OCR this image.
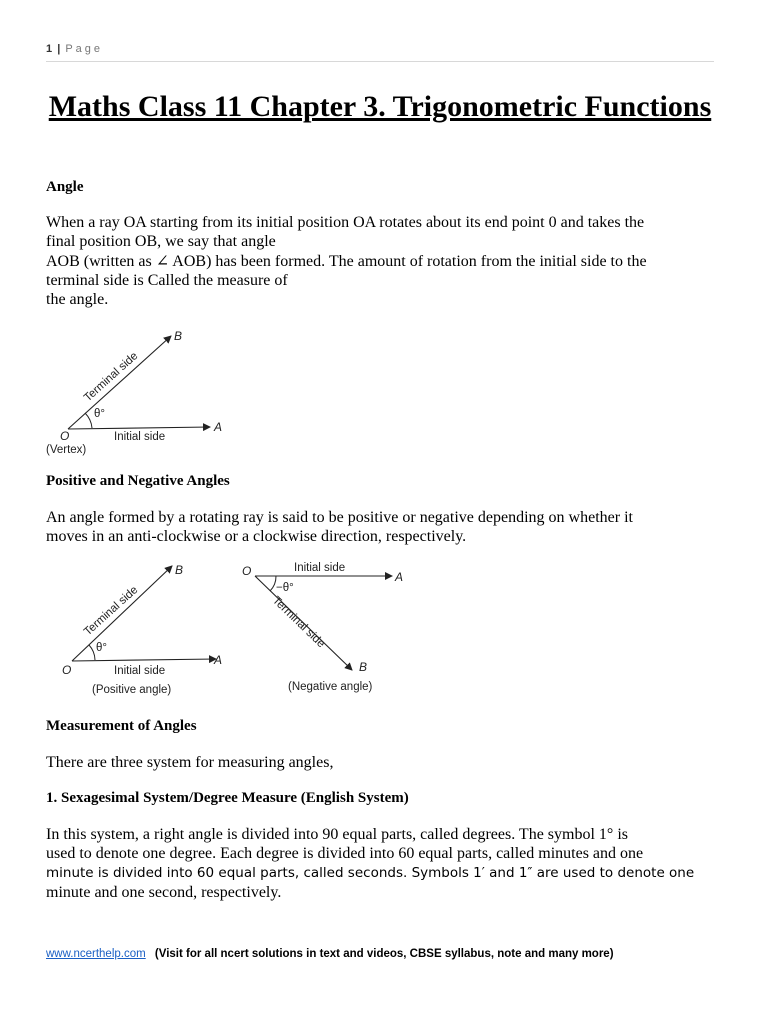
1 | Page
Maths Class 11 Chapter 3. Trigonometric Functions
Angle

When a ray OA starting from its initial position OA rotates about its end point 0 and takes the
final position OB, we say that angle
AOB (written as ∠ AOB) has been formed. The amount of rotation from the initial side to the
terminal side is Called the measure of
the angle.

Terminal side
θ°
Initial side
O
A
B
(Vertex)
Positive and Negative Angles

An angle formed by a rotating ray is said to be positive or negative depending on whether it
moves in an anti-clockwise or a clockwise direction, respectively.

Terminal side
θ°
Initial side
O
A
B
(Positive angle)
Terminal side
−θ°
Initial side
O	A
B
(Negative angle)
Measurement of Angles

There are three system for measuring angles,

1. Sexagesimal System/Degree Measure (English System)

In this system, a right angle is divided into 90 equal parts, called degrees. The symbol 1° is
used to denote one degree. Each degree is divided into 60 equal parts, called minutes and one
minute is divided into 60 equal parts, called seconds. Symbols 1′ and 1″ are used to denote one
minute and one second, respectively.

www.ncerthelp.com (Visit for all ncert solutions in text and videos, CBSE syllabus, note and many more)
